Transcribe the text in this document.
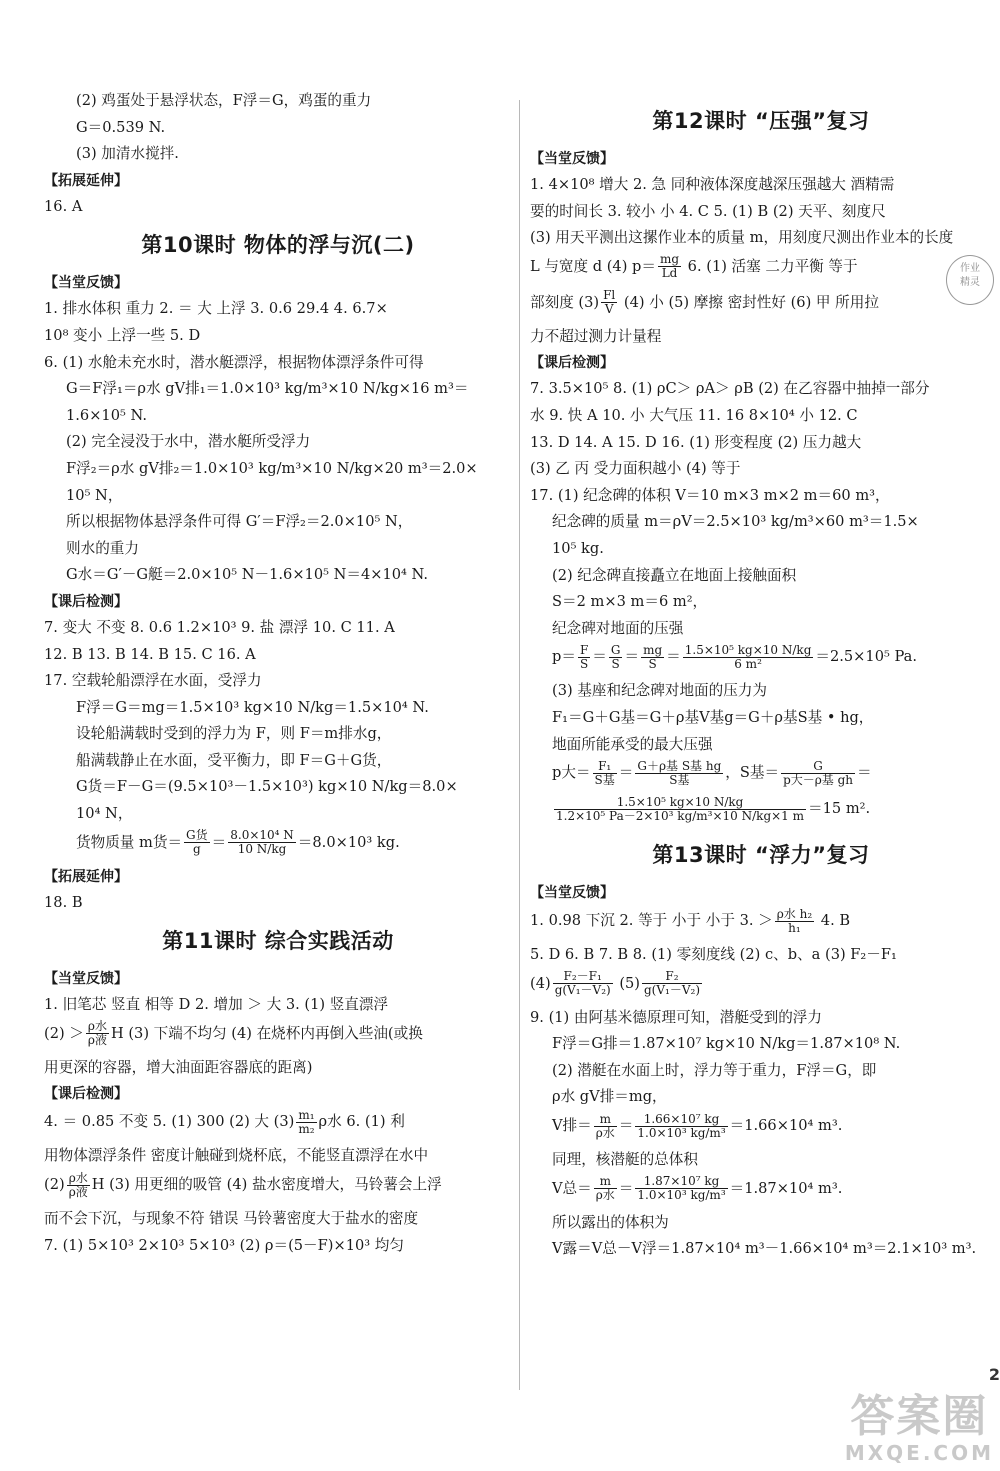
(2) 鸡蛋处于悬浮状态，F浮＝G，鸡蛋的重力
G＝0.539 N.
(3) 加清水搅拌.
【拓展延伸】
16. A
第10课时 物体的浮与沉(二)
【当堂反馈】
1. 排水体积 重力 2. ＝ 大 上浮 3. 0.6 29.4 4. 6.7×
10⁸ 变小 上浮一些 5. D
6. (1) 水舱未充水时，潜水艇漂浮，根据物体漂浮条件可得
G＝F浮₁＝ρ水 gV排₁＝1.0×10³ kg/m³×10 N/kg×16 m³＝
1.6×10⁵ N.
(2) 完全浸没于水中，潜水艇所受浮力
F浮₂＝ρ水 gV排₂＝1.0×10³ kg/m³×10 N/kg×20 m³＝2.0×
10⁵ N，
所以根据物体悬浮条件可得 G′＝F浮₂＝2.0×10⁵ N，
则水的重力
G水＝G′－G艇＝2.0×10⁵ N－1.6×10⁵ N＝4×10⁴ N.
【课后检测】
7. 变大 不变 8. 0.6 1.2×10³ 9. 盐 漂浮 10. C 11. A
12. B 13. B 14. B 15. C 16. A
17. 空载轮船漂浮在水面，受浮力
F浮＝G＝mg＝1.5×10³ kg×10 N/kg＝1.5×10⁴ N.
设轮船满载时受到的浮力为 F，则 F＝m排水g，
船满载静止在水面，受平衡力，即 F＝G＋G货，
G货＝F－G＝(9.5×10³－1.5×10³) kg×10 N/kg＝8.0×
10⁴ N，
货物质量 m货＝ $\frac{\text{G货}}{g} = \frac{\text{8.0×10⁴ N}}{10 N/kg} =8.0\times 10^3$ kg.
【拓展延伸】
18. B
第11课时 综合实践活动
【当堂反馈】
1. 旧笔芯 竖直 相等 D 2. 增加 ＞ 大 3. (1) 竖直漂浮
$(2) > \frac{\text{ρ水}}{\text{ρ液}}$ H (3) 下端不均匀 (4) 在烧杯内再倒入些油(或换
用更深的容器，增大油面距容器底的距离)
【课后检测】
4. ＝ 0.85 不变 5. (1) 300 (2) 大 $(3) \frac{\text{m₁}}{\text{m₂}}$ ρ水 6. (1) 利
用物体漂浮条件 密度计触碰到烧杯底，不能竖直漂浮在水中
$(2) \frac{\text{ρ水}}{\text{ρ液}}$ H (3) 用更细的吸管 (4) 盐水密度增大，马铃薯会上浮
而不会下沉，与现象不符 错误 马铃薯密度大于盐水的密度
7. (1) 5×10³ 2×10³ 5×10³ (2) ρ＝(5－F)×10³ 均匀
第12课时 “压强”复习
【当堂反馈】
1. 4×10⁸ 增大 2. 急 同种液体深度越深压强越大 酒精需
要的时间长 3. 较小 小 4. C 5. (1) B (2) 天平、刻度尺
(3) 用天平测出这摞作业本的质量 m，用刻度尺测出作业本的长度
L 与宽度 d (4) $p= \frac{mg}{Ld} 6$. (1) 活塞 二力平衡 等于
部刻度 $(3) \frac{Fl}{V} (4)$ 小 (5) 摩擦 密封性好 (6) 甲 所用拉
力不超过测力计量程
【课后检测】
7. 3.5×10⁵ 8. (1) ρC＞ ρA＞ ρB (2) 在乙容器中抽掉一部分
水 9. 快 A 10. 小 大气压 11. 16 8×10⁴ 小 12. C
13. D 14. A 15. D 16. (1) 形变程度 (2) 压力越大
(3) 乙 丙 受力面积越小 (4) 等于
17. (1) 纪念碑的体积 V＝10 m×3 m×2 m＝60 m³，
纪念碑的质量 m＝ρV＝2.5×10³ kg/m³×60 m³＝1.5×
10⁵ kg.
(2) 纪念碑直接矗立在地面上接触面积
S＝2 m×3 m＝6 m²，
纪念碑对地面的压强
$p= \frac{F}{S} = \frac{G}{S} = \frac{mg}{S} = \frac{\text{1.5×10⁵ kg×10 N/kg}}{\text{6 m²}} =2.5\times 10^5$ Pa.
(3) 基座和纪念碑对地面的压力为
F₁＝G＋G基＝G＋ρ基V基g＝G＋ρ基S基 • hg，
地面所能承受的最大压强
p大＝ $\frac{\text{F₁}}{\text{S基}} = \frac{\text{G＋ρ基 S基 hg}}{\text{S基}}$ ，S基＝ $\frac{G}{\text{p大－ρ基 gh}}$ ＝
$\frac{\text{1.5×10⁵ kg×10 N/kg}}{\text{1.2×10⁵ Pa－2×10³ kg/m³×10 N/kg×1 m}} =15$ m².
第13课时 “浮力”复习
【当堂反馈】
1. 0.98 下沉 2. 等于 小于 小于 3. ＞ $\frac{\text{ρ水 h₂}}{\text{h₁}} 4$. B
5. D 6. B 7. B 8. (1) 零刻度线 (2) c、b、a (3) F₂－F₁
$(4) \frac{\text{F₂－F₁}}{\text{g(V₁－V₂)}} (5) \frac{\text{F₂}}{\text{g(V₁－V₂)}}$
9. (1) 由阿基米德原理可知，潜艇受到的浮力
F浮＝G排＝1.87×10⁷ kg×10 N/kg＝1.87×10⁸ N.
(2) 潜艇在水面上时，浮力等于重力，F浮＝G，即
ρ水 gV排＝mg，
V排＝ $\frac{m}{\text{ρ水}} = \frac{\text{1.66×10⁷ kg}}{\text{1.0×10³ kg/m³}} =1.66\times 10^4$ m³.
同理，核潜艇的总体积
V总＝ $\frac{m}{\text{ρ水}} = \frac{\text{1.87×10⁷ kg}}{\text{1.0×10³ kg/m³}} =1.87\times 10^4$ m³.
所以露出的体积为
V露＝V总－V浮＝1.87×10⁴ m³－1.66×10⁴ m³＝2.1×10³ m³.
作业
精灵
2
答案圈
MXQE.COM
